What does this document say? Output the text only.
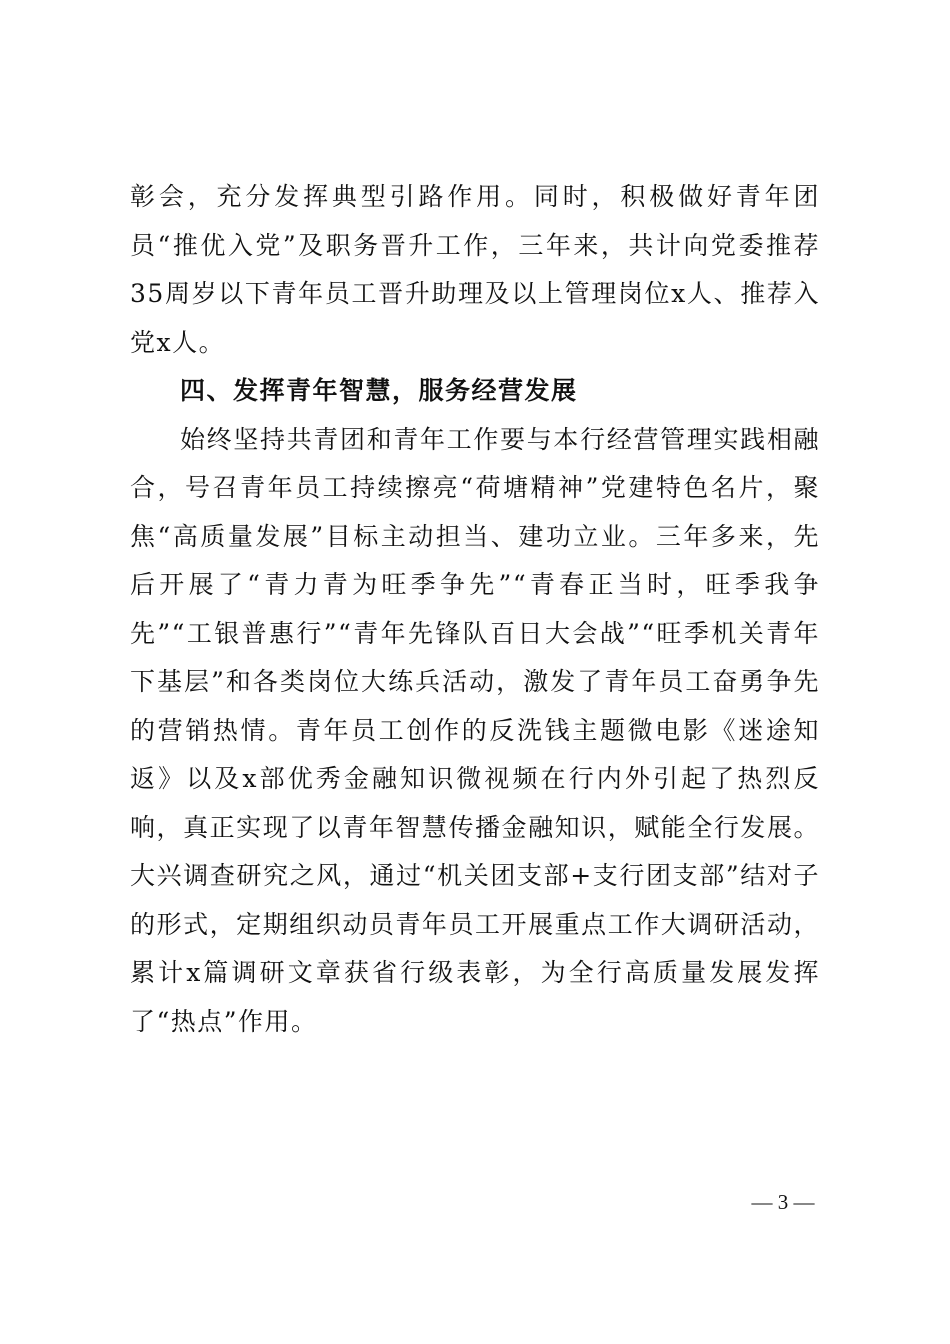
彰会，充分发挥典型引路作用。同时，积极做好青年团员“推优入党”及职务晋升工作，三年来，共计向党委推荐35周岁以下青年员工晋升助理及以上管理岗位x人、推荐入党x人。

四、发挥青年智慧，服务经营发展

始终坚持共青团和青年工作要与本行经营管理实践相融合，号召青年员工持续擦亮“荷塘精神”党建特色名片，聚焦“高质量发展”目标主动担当、建功立业。三年多来，先后开展了“青力青为旺季争先”“青春正当时，旺季我争先”“工银普惠行”“青年先锋队百日大会战”“旺季机关青年下基层”和各类岗位大练兵活动，激发了青年员工奋勇争先的营销热情。青年员工创作的反洗钱主题微电影《迷途知返》以及x部优秀金融知识微视频在行内外引起了热烈反响，真正实现了以青年智慧传播金融知识，赋能全行发展。大兴调查研究之风，通过“机关团支部+支行团支部”结对子的形式，定期组织动员青年员工开展重点工作大调研活动，累计x篇调研文章获省行级表彰，为全行高质量发展发挥了“热点”作用。

— 3 —
